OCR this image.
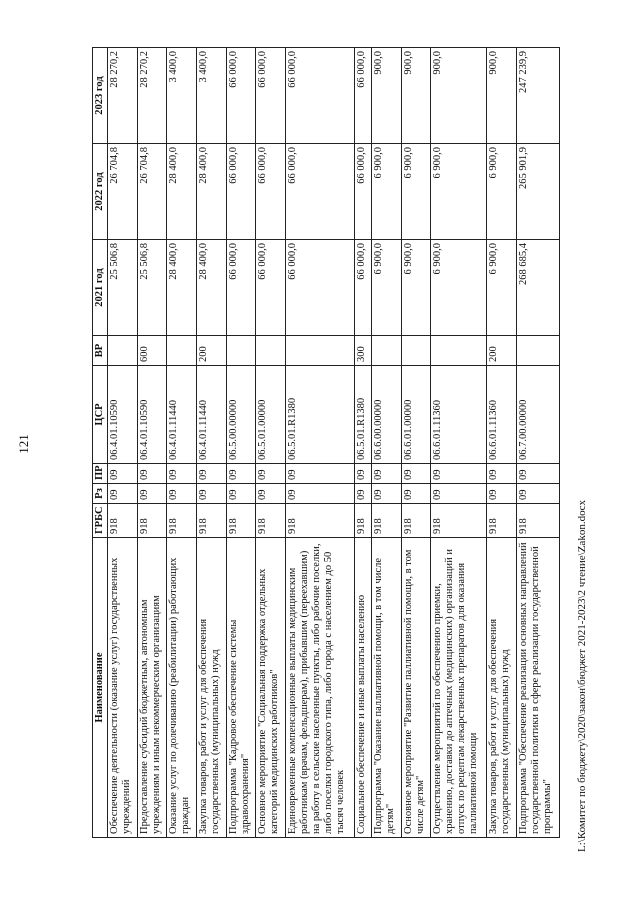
121
Наименование	ГРБС	Рз	ПР	ЦСР	ВР	2021 год	2022 год	2023 год
Обеспечение деятельности (оказание услуг) государственных учреждений	918	09	09	06.4.01.10590		25 506,8	26 704,8	28 270,2
Предоставление субсидий бюджетным, автономным учреждениям и иным некоммерческим организациям	918	09	09	06.4.01.10590	600	25 506,8	26 704,8	28 270,2
Оказание услуг по долечиванию (реабилитации) работающих граждан	918	09	09	06.4.01.11440		28 400,0	28 400,0	3 400,0
Закупка товаров, работ и услуг для обеспечения государственных (муниципальных) нужд	918	09	09	06.4.01.11440	200	28 400,0	28 400,0	3 400,0
Подпрограмма "Кадровое обеспечение системы здравоохранения"	918	09	09	06.5.00.00000		66 000,0	66 000,0	66 000,0
Основное мероприятие "Социальная поддержка отдельных категорий медицинских работников"	918	09	09	06.5.01.00000		66 000,0	66 000,0	66 000,0
Единовременные компенсационные выплаты медицинским работникам (врачам, фельдшерам), прибывшим (переехавшим) на работу в сельские населенные пункты, либо рабочие поселки, либо поселки городского типа, либо города с населением до 50 тысяч человек	918	09	09	06.5.01.R1380		66 000,0	66 000,0	66 000,0
Социальное обеспечение и иные выплаты населению	918	09	09	06.5.01.R1380	300	66 000,0	66 000,0	66 000,0
Подпрограмма "Оказание паллиативной помощи, в том числе детям"	918	09	09	06.6.00.00000		6 900,0	6 900,0	900,0
Основное мероприятие "Развитие паллиативной помощи, в том числе детям"	918	09	09	06.6.01.00000		6 900,0	6 900,0	900,0
Осуществление мероприятий по обеспечению приемки, хранению, доставки до аптечных (медицинских) организаций и отпуск по рецептам лекарственных препаратов для оказания паллиативной помощи	918	09	09	06.6.01.11360		6 900,0	6 900,0	900,0
Закупка товаров, работ и услуг для обеспечения государственных (муниципальных) нужд	918	09	09	06.6.01.11360	200	6 900,0	6 900,0	900,0
Подпрограмма "Обеспечение реализации основных направлений государственной политики в сфере реализации государственной программы"	918	09	09	06.7.00.00000		268 685,4	265 901,9	247 239,9
L:\Комитет по бюджету\2020\закон\бюджет 2021-2023\2 чтение\Zakon.docx
